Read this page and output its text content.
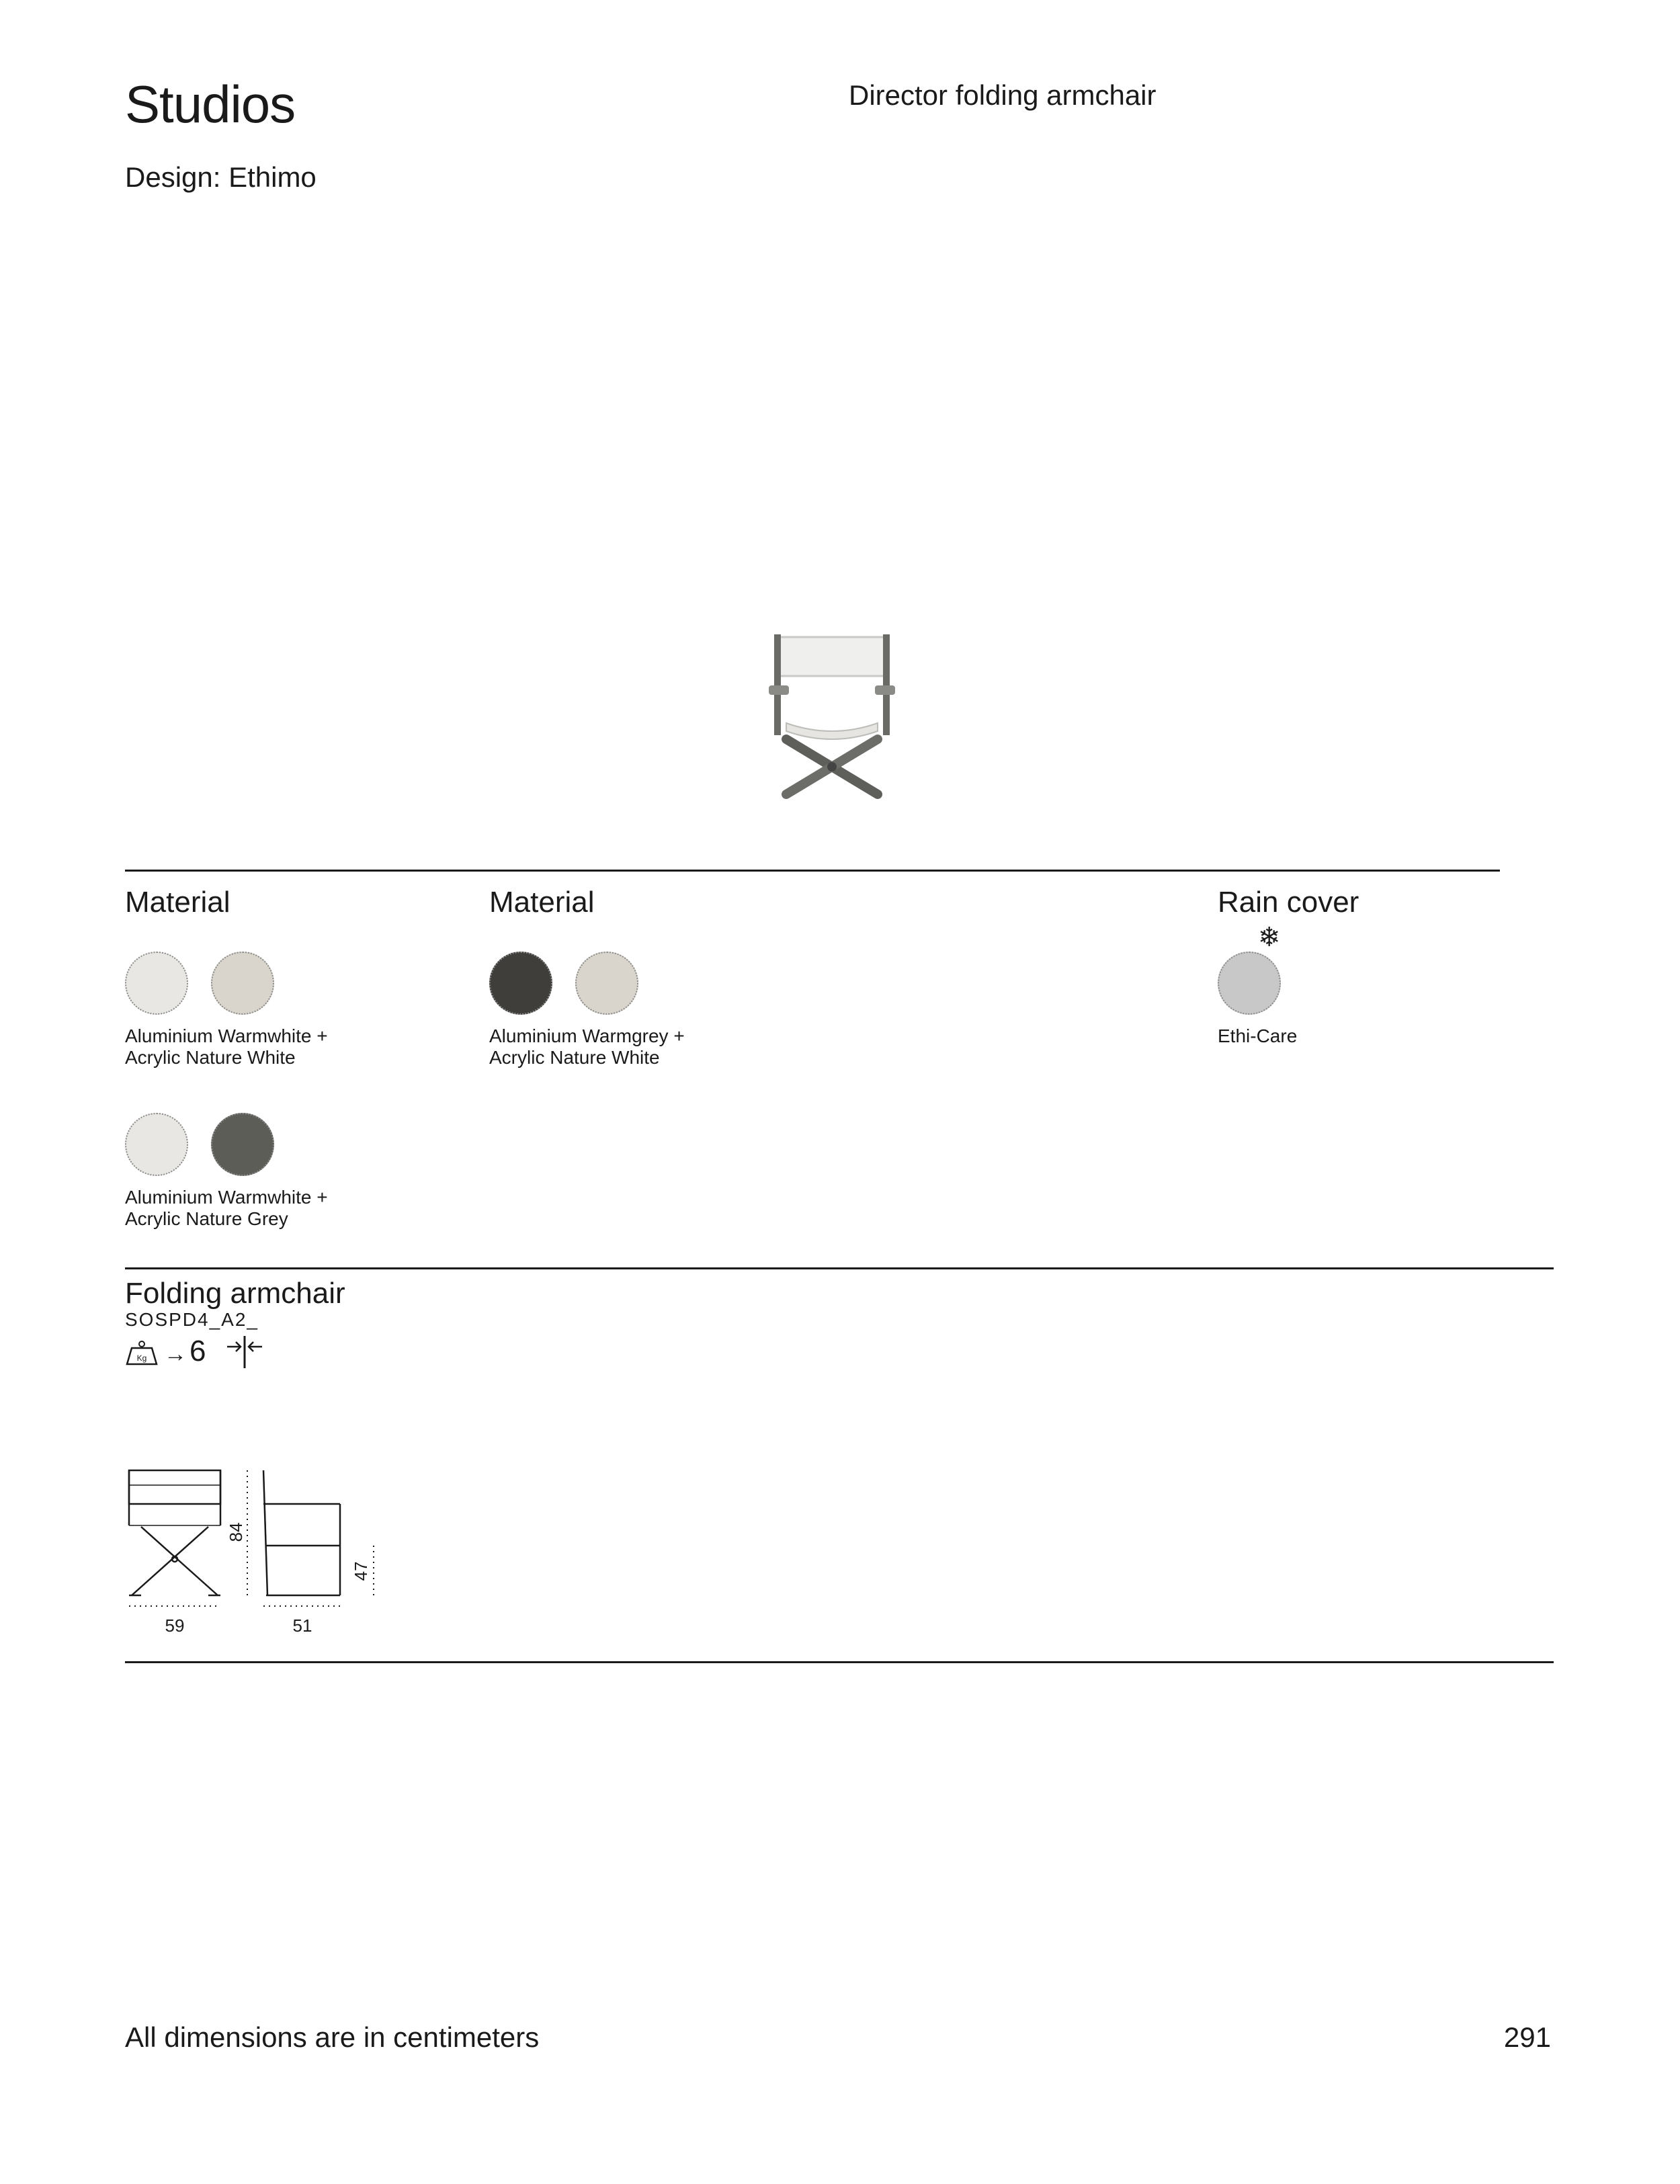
Studios
Design: Ethimo
Director folding armchair
Material	Material	Rain cover
Aluminium Warmwhite +
Acrylic Nature White
Aluminium Warmwhite +
Acrylic Nature Grey
Aluminium Warmgrey +
Acrylic Nature White
❄
Ethi-Care
Folding armchair
SOSPD4_A2_
Kg → 6
59
84
51
47
All dimensions are in centimeters	291
